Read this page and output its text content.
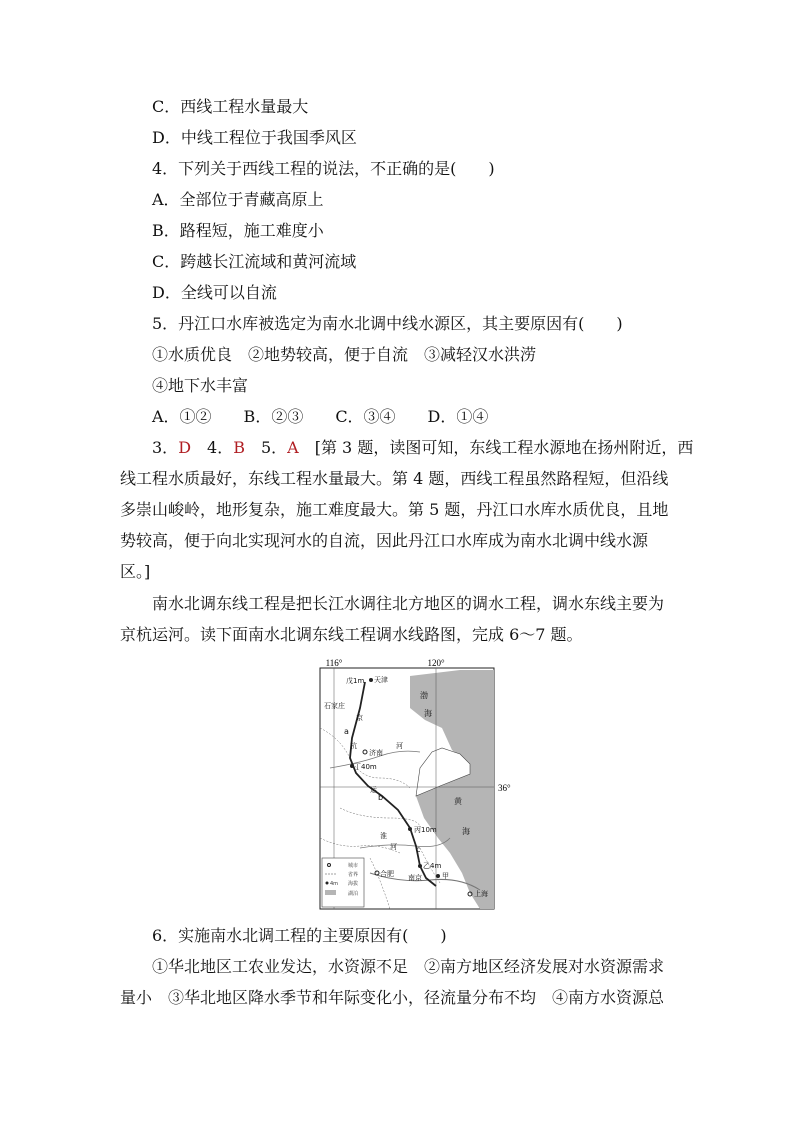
C．西线工程水量最大
D．中线工程位于我国季风区
4．下列关于西线工程的说法，不正确的是(　　)
A．全部位于青藏高原上
B．路程短，施工难度小
C．跨越长江流域和黄河流域
D．全线可以自流
5．丹江口水库被选定为南水北调中线水源区，其主要原因有(　　)
①水质优良　②地势较高，便于自流　③减轻汉水洪涝
④地下水丰富
A．①②　　B．②③　　C．③④　　D．①④
3．D　4．B　5．A　[第 3 题，读图可知，东线工程水源地在扬州附近，西
线工程水质最好，东线工程水量最大。第 4 题，西线工程虽然路程短，但沿线
多崇山峻岭，地形复杂，施工难度最大。第 5 题，丹江口水库水质优良，且地
势较高，便于向北实现河水的自流，因此丹江口水库成为南水北调中线水源
区。]
南水北调东线工程是把长江水调往北方地区的调水工程，调水东线主要为
京杭运河。读下面南水北调东线工程调水线路图，完成 6～7 题。
116°	120°
36°
戊1m 天津
石家庄
济南
丁40m
丙10m
乙4m
甲
合肥 南京
上海
a
b
c
渤
海
黄
海
河
运
京
杭
淮
河
城市
省界
4m 海拔
湖泊
6．实施南水北调工程的主要原因有(　　)
①华北地区工农业发达，水资源不足　②南方地区经济发展对水资源需求
量小　③华北地区降水季节和年际变化小，径流量分布不均　④南方水资源总
